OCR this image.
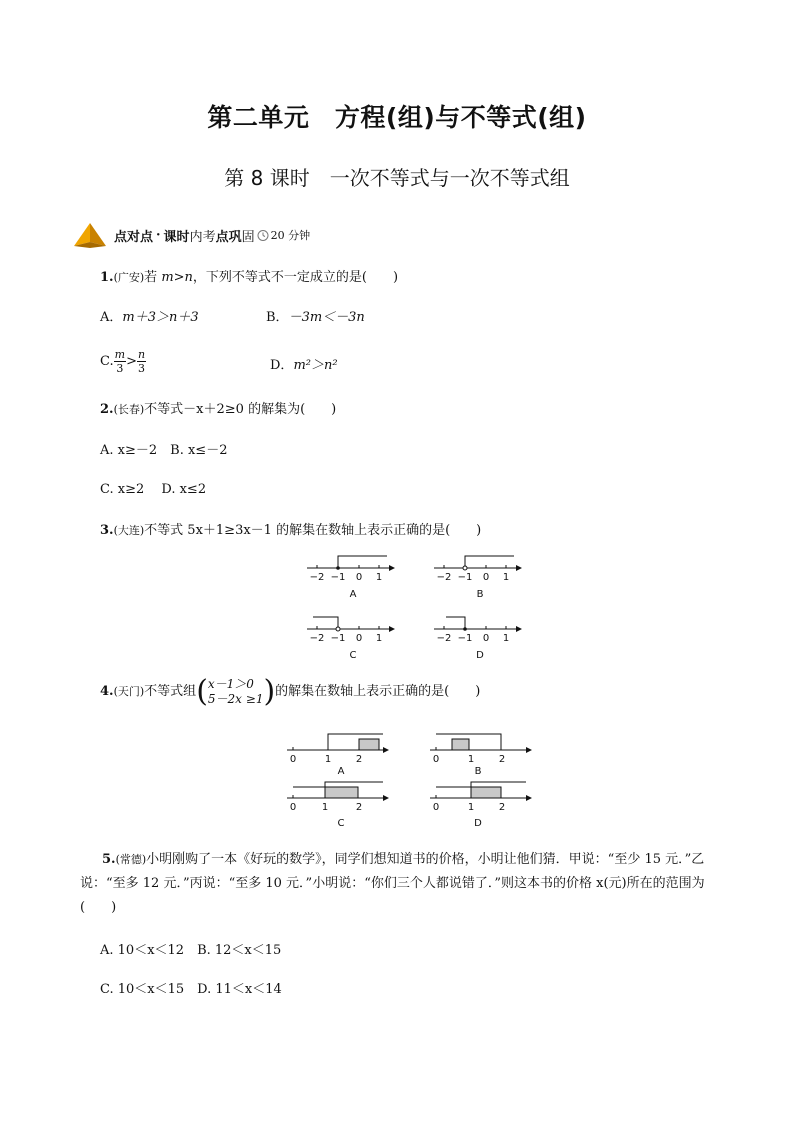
第二单元　方程(组)与不等式(组)
第 8 课时　一次不等式与一次不等式组
点对点 · 课时 内考 点巩 固 20 分钟
1.(广安)若 m>n，下列不等式不一定成立的是(　　)
A．m＋3＞n＋3	B．－3m＜－3n
C. $\frac{m}{3} > \frac{n}{3}$	D．m²＞n²
2.(长春)不等式－x＋2≥0 的解集为(　　)
A. x≥－2　B. x≤－2
C. x≥2　 D. x≤2
3.(大连)不等式 5x＋1≥3x－1 的解集在数轴上表示正确的是(　　)
−2 −1 0 1
A
−2 −1 0 1
B
−2 −1 0 1
C
−2 −1 0 1
D
4. (天门) 不等式组 ( x－1＞0
5－2x ≥1 ) 的解集在数轴上表示正确的是(　　)
0	1 2
A
0	1 2
B
0	1	2
C
0	1 2
D
5.(常德)小明刚购了一本《好玩的数学》，同学们想知道书的价格，小明让他们猜．甲说：“至少 15 元．”乙说：“至多 12 元．”丙说：“至多 10 元．”小明说：“你们三个人都说错了．”则这本书的价格 x(元)所在的范围为(　　)
A. 10＜x＜12　B. 12＜x＜15
C. 10＜x＜15　D. 11＜x＜14
